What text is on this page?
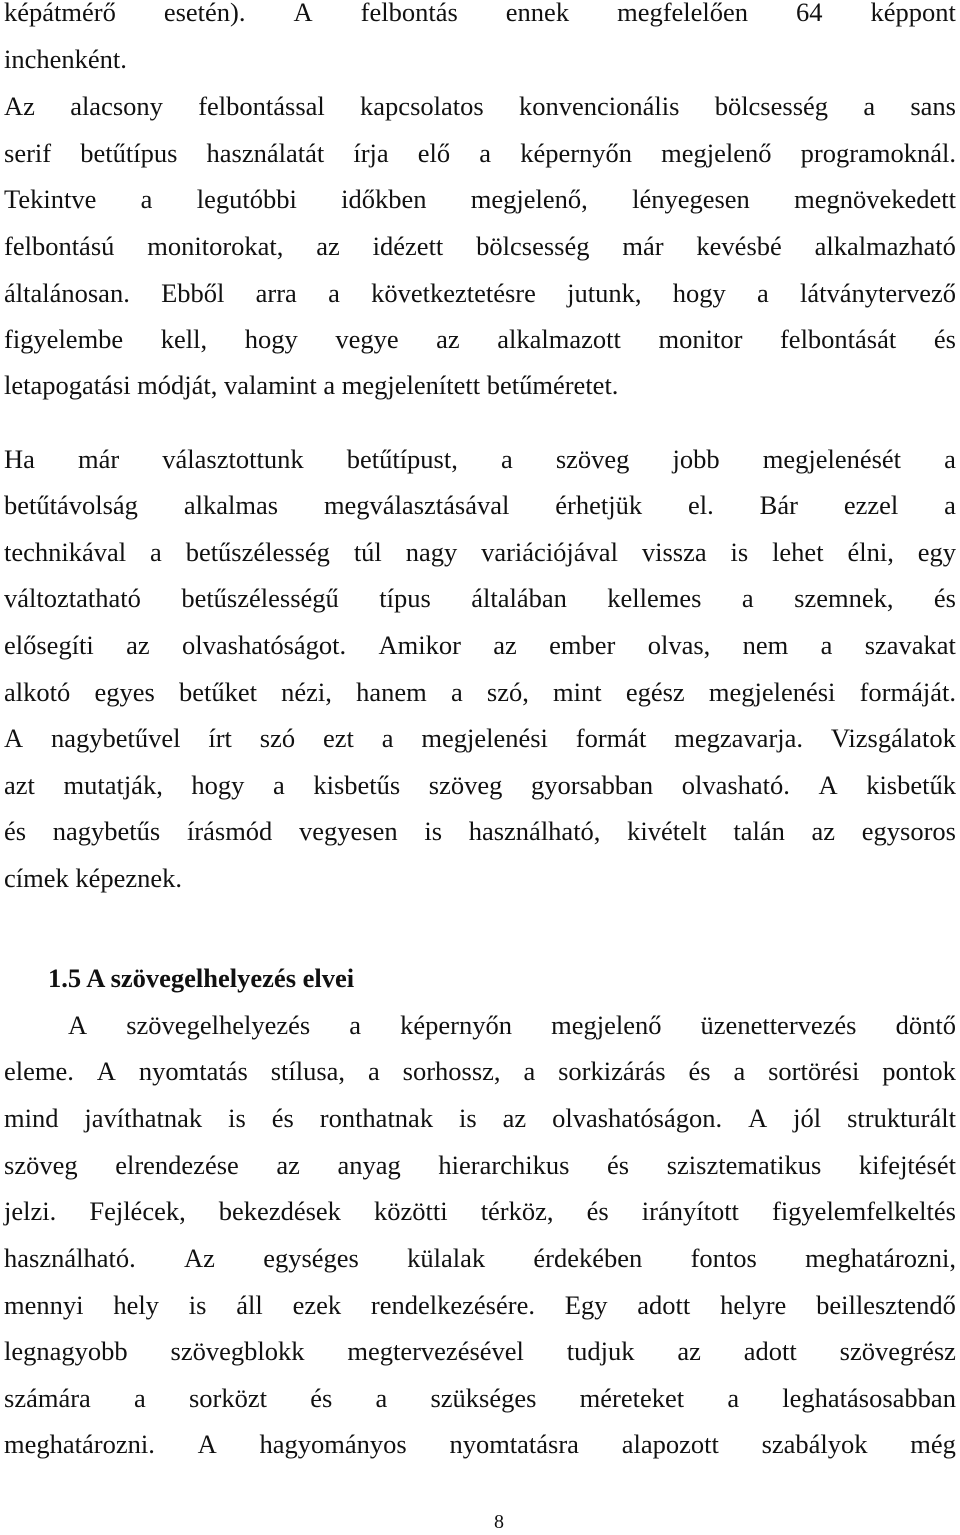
képátmérő esetén). A felbontás ennek megfelelően 64 képpont
inchenként.
Az alacsony felbontással kapcsolatos konvencionális bölcsesség a sans
serif betűtípus használatát írja elő a képernyőn megjelenő programoknál.
Tekintve a legutóbbi időkben megjelenő, lényegesen megnövekedett
felbontású monitorokat, az idézett bölcsesség már kevésbé alkalmazható
általánosan. Ebből arra a következtetésre jutunk, hogy a látványtervező
figyelembe kell, hogy vegye az alkalmazott monitor felbontását és
letapogatási módját, valamint a megjelenített betűméretet.
Ha már választottunk betűtípust, a szöveg jobb megjelenését a
betűtávolság alkalmas megválasztásával érhetjük el. Bár ezzel a
technikával a betűszélesség túl nagy variációjával vissza is lehet élni, egy
változtatható betűszélességű típus általában kellemes a szemnek, és
elősegíti az olvashatóságot. Amikor az ember olvas, nem a szavakat
alkotó egyes betűket nézi, hanem a szó, mint egész megjelenési formáját.
A nagybetűvel írt szó ezt a megjelenési formát megzavarja. Vizsgálatok
azt mutatják, hogy a kisbetűs szöveg gyorsabban olvasható. A kisbetűk
és nagybetűs írásmód vegyesen is használható, kivételt talán az egysoros
címek képeznek.
1.5 A szövegelhelyezés elvei
A szövegelhelyezés a képernyőn megjelenő üzenettervezés döntő
eleme. A nyomtatás stílusa, a sorhossz, a sorkizárás és a sortörési pontok
mind javíthatnak is és ronthatnak is az olvashatóságon. A jól strukturált
szöveg elrendezése az anyag hierarchikus és szisztematikus kifejtését
jelzi. Fejlécek, bekezdések közötti térköz, és irányított figyelemfelkeltés
használható. Az egységes külalak érdekében fontos meghatározni,
mennyi hely is áll ezek rendelkezésére. Egy adott helyre beillesztendő
legnagyobb szövegblokk megtervezésével tudjuk az adott szövegrész
számára a sorközt és a szükséges méreteket a leghatásosabban
meghatározni. A hagyományos nyomtatásra alapozott szabályok még
8
